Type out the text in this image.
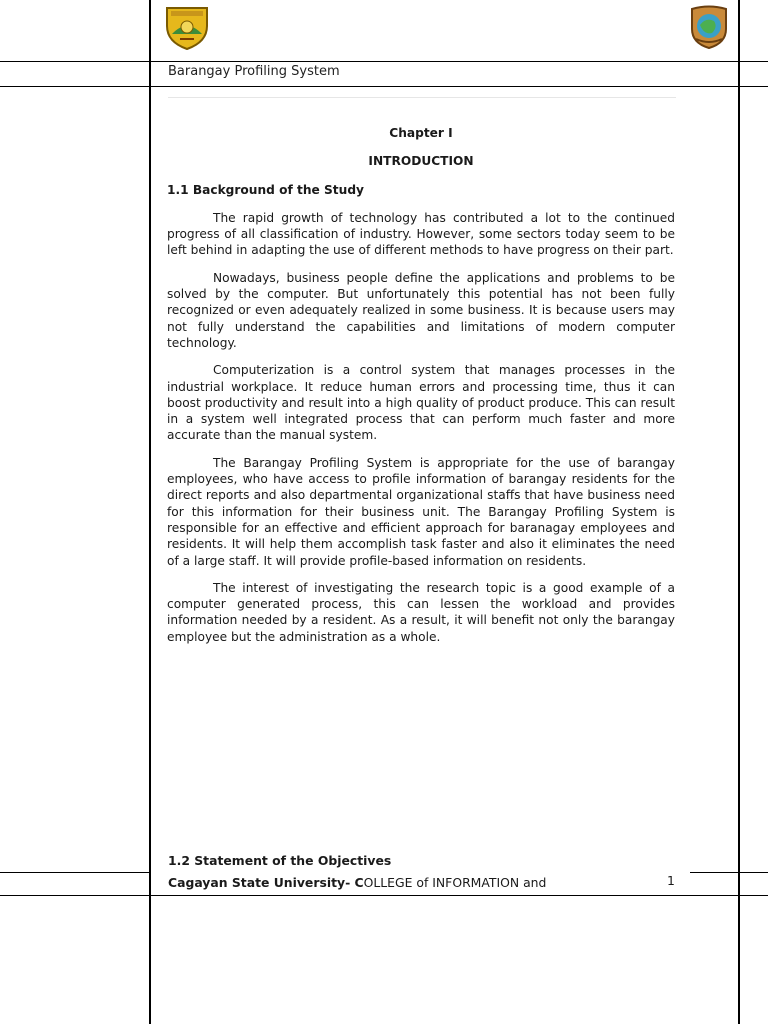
Barangay Profiling System

Chapter I

INTRODUCTION

1.1 Background of the Study

The rapid growth of technology has contributed a lot to the continued progress of all classification of industry. However, some sectors today seem to be left behind in adapting the use of different methods to have progress on their part.

Nowadays, business people define the applications and problems to be solved by the computer. But unfortunately this potential has not been fully recognized or even adequately realized in some business. It is because users may not fully understand the capabilities and limitations of modern computer technology.

Computerization is a control system that manages processes in the industrial workplace. It reduce human errors and processing time, thus it can boost productivity and result into a high quality of product produce. This can result in a system well integrated process that can perform much faster and more accurate than the manual system.

The Barangay Profiling System is appropriate for the use of barangay employees, who have access to profile information of barangay residents for the direct reports and also departmental organizational staffs that have business need for this information for their business unit. The Barangay Profiling System is responsible for an effective and efficient approach for baranagay employees and residents. It will help them accomplish task faster and also it eliminates the need of a large staff. It will provide profile-based information on residents.

The interest of investigating the research topic is a good example of a computer generated process, this can lessen the workload and provides information needed by a resident. As a result, it will benefit not only the barangay employee but the administration as a whole.

1.2 Statement of the Objectives
Cagayan State University- COLLEGE of INFORMATION and	1
